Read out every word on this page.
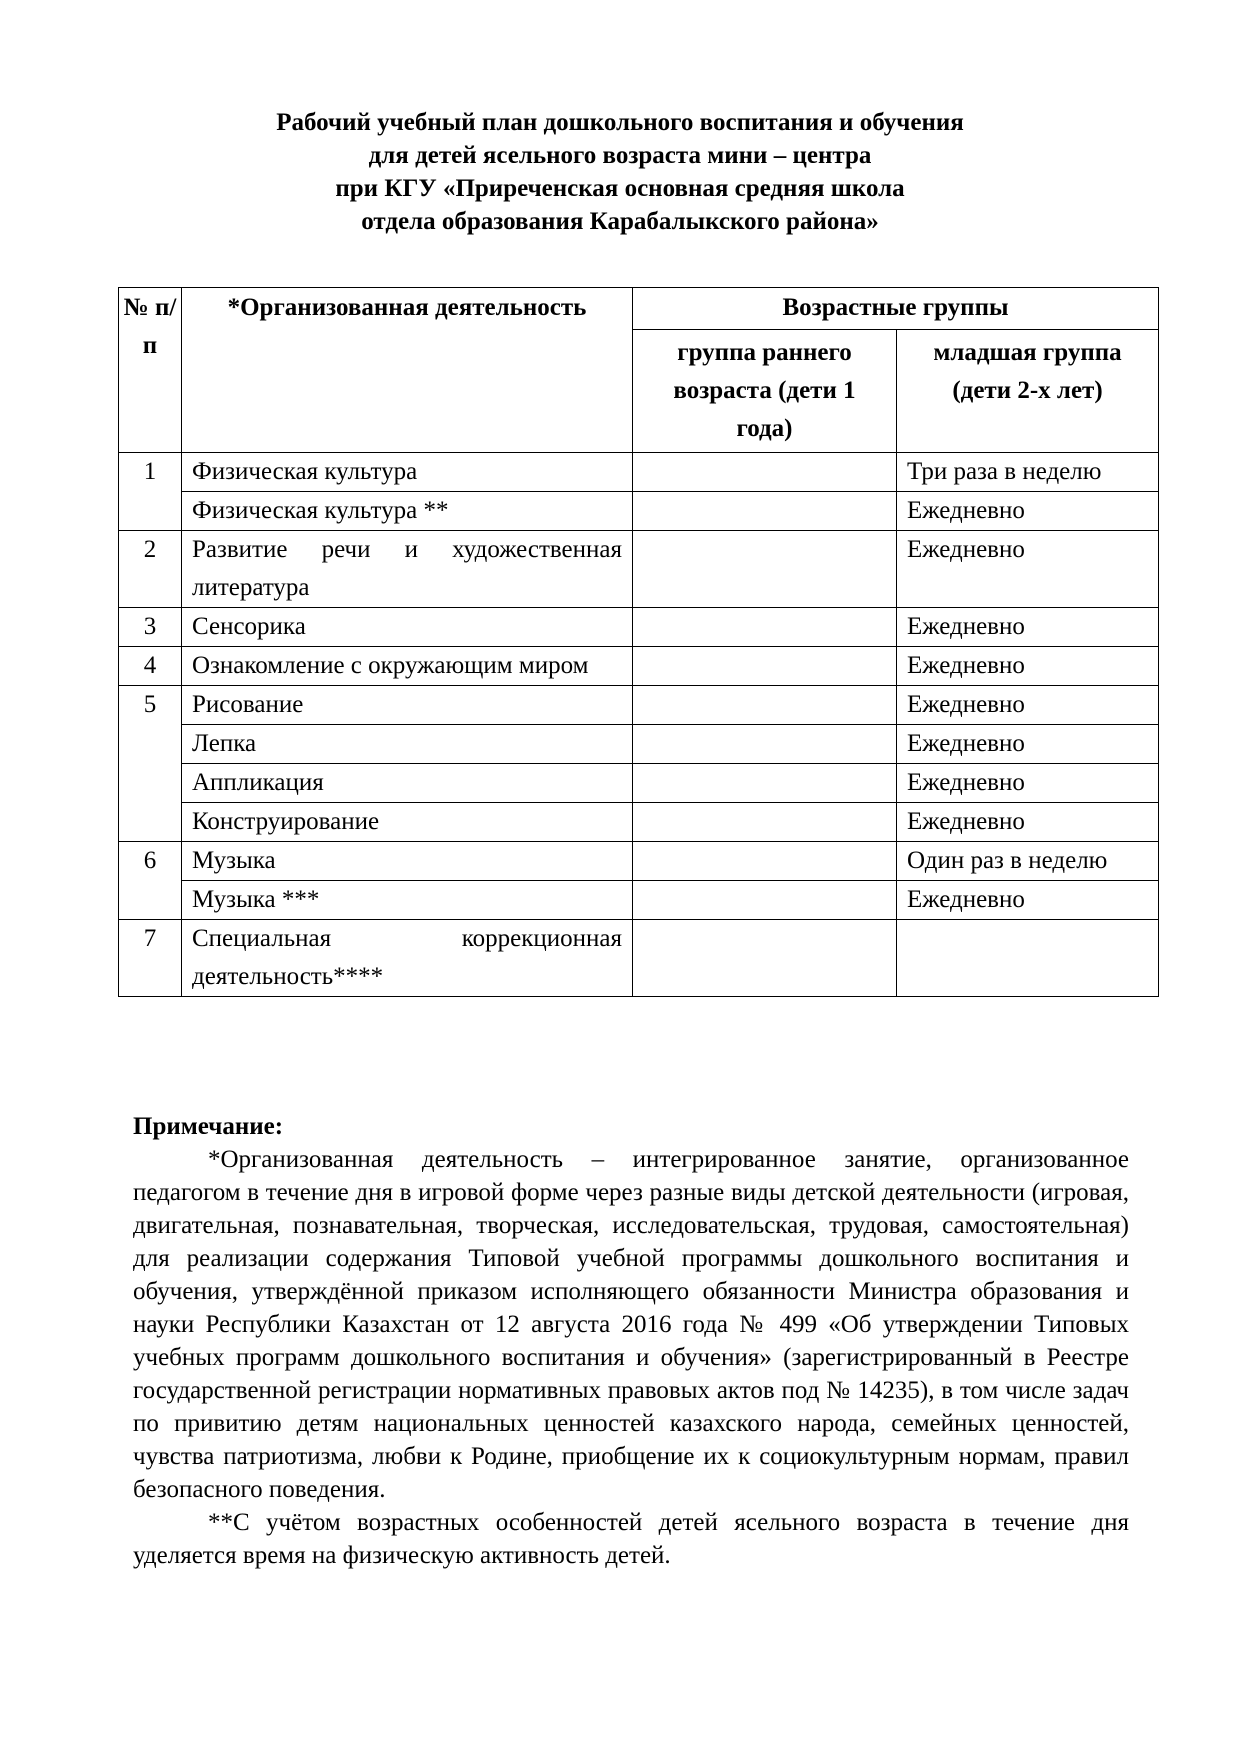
Рабочий учебный план дошкольного воспитания и обучения
для детей ясельного возраста мини – центра
при КГУ «Приреченская основная средняя школа
отдела образования Карабалыкского района»
№ п/п	*Организованная деятельность	Возрастные группы	
		группа раннего возраста (дети 1 года)	младшая группа (дети 2-х лет)
1	Физическая культура		Три раза в неделю
	Физическая культура **		Ежедневно
2	Развитие речи и художественная литература		Ежедневно
3	Сенсорика		Ежедневно
4	Ознакомление с окружающим миром		Ежедневно
5	Рисование		Ежедневно
	Лепка		Ежедневно
	Аппликация		Ежедневно
	Конструирование		Ежедневно
6	Музыка		Один раз в неделю
	Музыка ***		Ежедневно
7	Специальная коррекционная деятельность****		
Примечание:

*Организованная деятельность – интегрированное занятие, организованное педагогом в течение дня в игровой форме через разные виды детской деятельности (игровая, двигательная, познавательная, творческая, исследовательская, трудовая, самостоятельная) для реализации содержания Типовой учебной программы дошкольного воспитания и обучения, утверждённой приказом исполняющего обязанности Министра образования и науки Республики Казахстан от 12 августа 2016 года № 499 «Об утверждении Типовых учебных программ дошкольного воспитания и обучения» (зарегистрированный в Реестре государственной регистрации нормативных правовых актов под № 14235), в том числе задач по привитию детям национальных ценностей казахского народа, семейных ценностей, чувства патриотизма, любви к Родине, приобщение их к социокультурным нормам, правил безопасного поведения.

**С учётом возрастных особенностей детей ясельного возраста в течение дня уделяется время на физическую активность детей.
